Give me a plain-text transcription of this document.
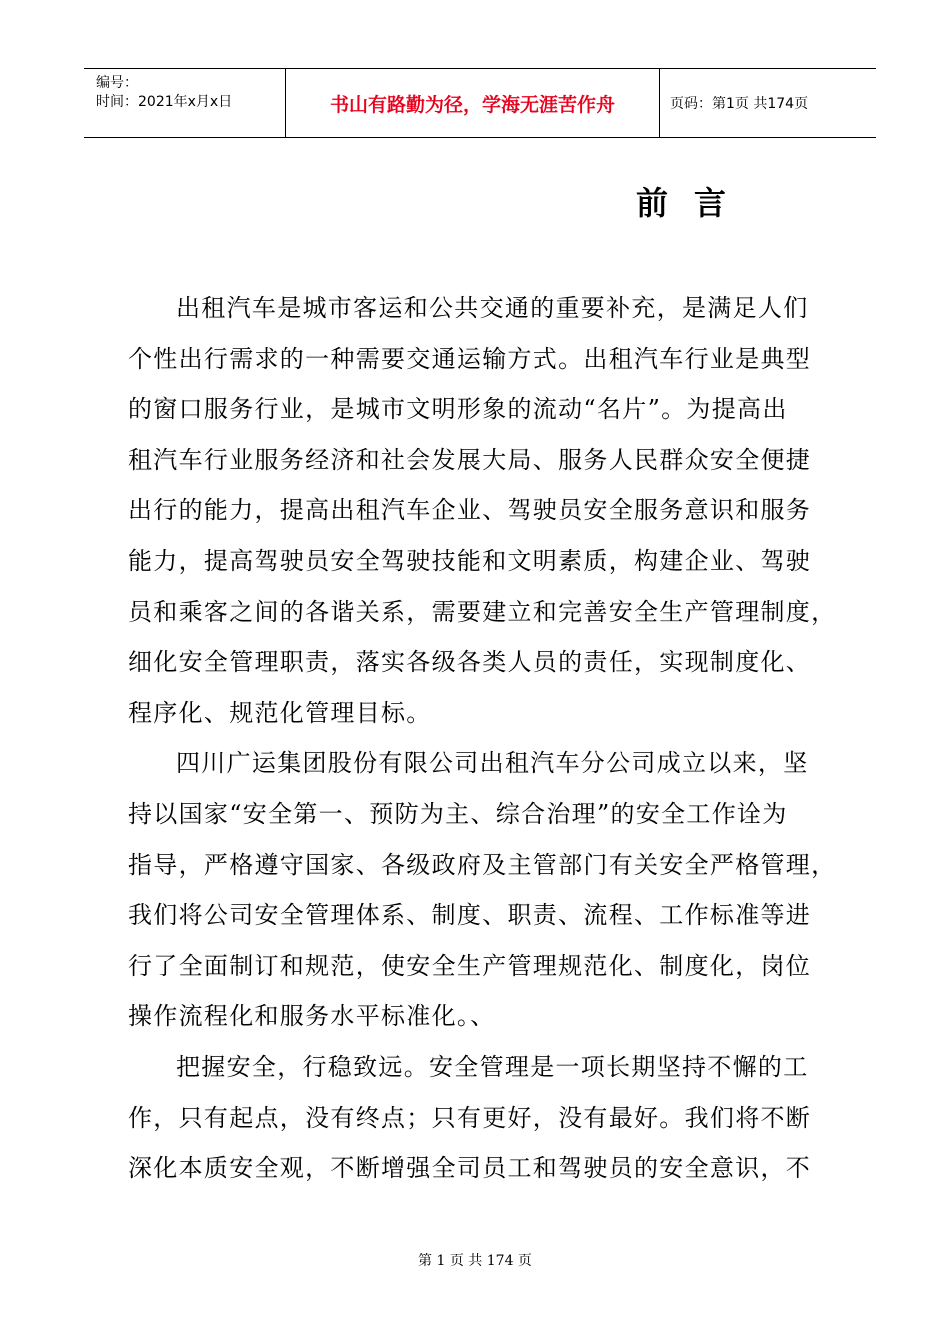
编号：
时间：2021年x月x日	书山有路勤为径，学海无涯苦作舟	页码：第1页 共174页
前言

出租汽车是城市客运和公共交通的重要补充，是满足人们
个性出行需求的一种需要交通运输方式。出租汽车行业是典型
的窗口服务行业，是城市文明形象的流动“名片”。为提高出
租汽车行业服务经济和社会发展大局、服务人民群众安全便捷
出行的能力，提高出租汽车企业、驾驶员安全服务意识和服务
能力，提高驾驶员安全驾驶技能和文明素质，构建企业、驾驶
员和乘客之间的各谐关系，需要建立和完善安全生产管理制度，
细化安全管理职责，落实各级各类人员的责任，实现制度化、
程序化、规范化管理目标。

四川广运集团股份有限公司出租汽车分公司成立以来，坚
持以国家“安全第一、预防为主、综合治理”的安全工作诠为
指导，严格遵守国家、各级政府及主管部门有关安全严格管理，
我们将公司安全管理体系、制度、职责、流程、工作标准等进
行了全面制订和规范，使安全生产管理规范化、制度化，岗位
操作流程化和服务水平标准化。、

把握安全，行稳致远。安全管理是一项长期坚持不懈的工
作，只有起点，没有终点；只有更好，没有最好。我们将不断
深化本质安全观，不断增强全司员工和驾驶员的安全意识，不

第 1 页 共 174 页
